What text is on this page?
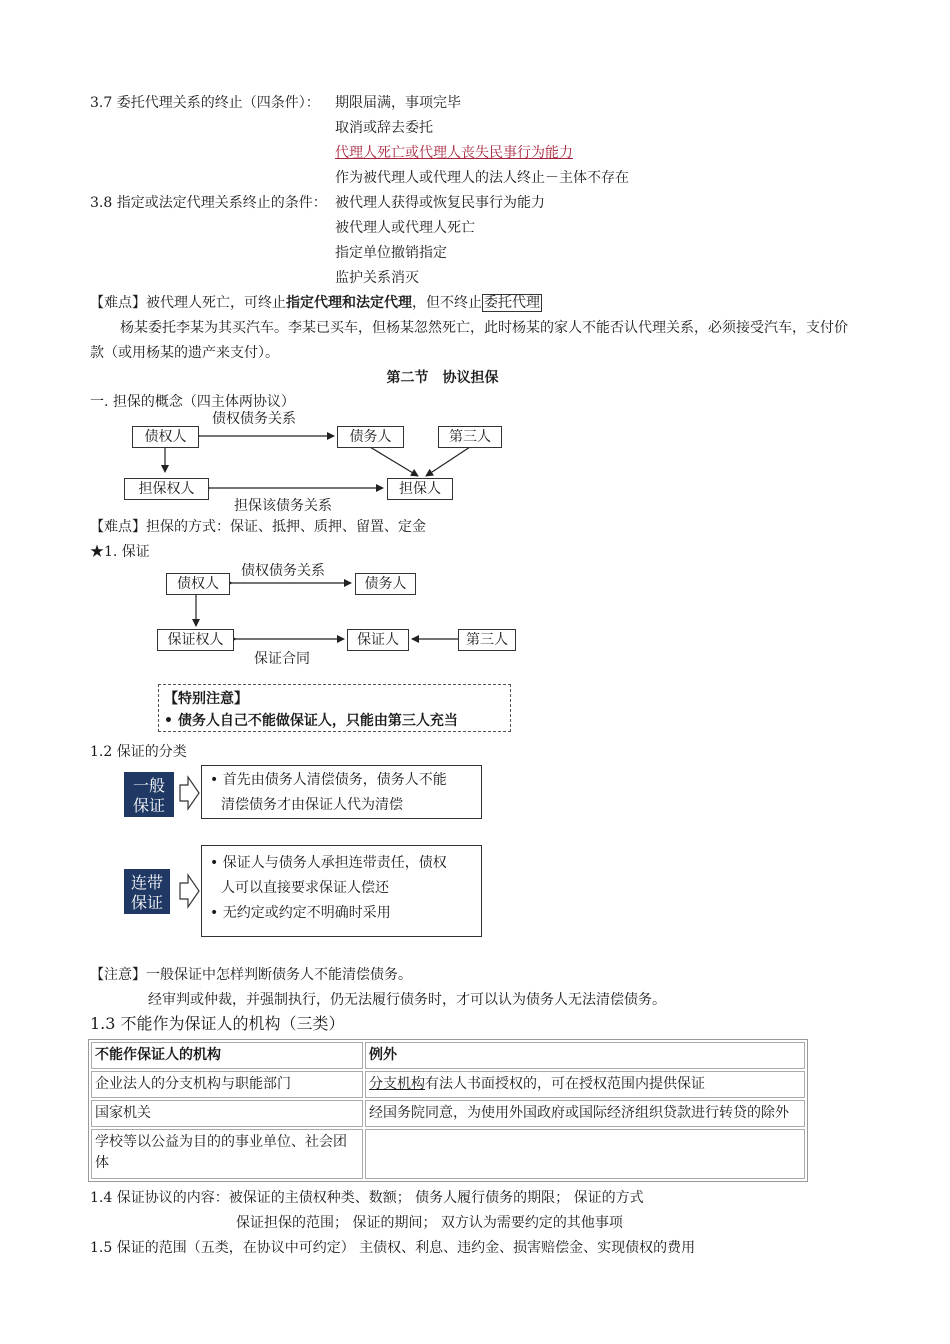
3.7 委托代理关系的终止（四条件）： 期限届满，事项完毕
取消或辞去委托
代理人死亡或代理人丧失民事行为能力
作为被代理人或代理人的法人终止－主体不存在
3.8 指定或法定代理关系终止的条件： 被代理人获得或恢复民事行为能力
被代理人或代理人死亡
指定单位撤销指定
监护关系消灭
【难点】被代理人死亡，可终止指定代理和法定代理，但不终止 委托代理
杨某委托李某为其买汽车。李某已买车，但杨某忽然死亡，此时杨某的家人不能否认代理关系，必须接受汽车，支付价
款（或用杨某的遗产来支付）。
第二节　协议担保
一. 担保的概念（四主体两协议）
债权人	债务人	第三人
担保权人	担保人
债权债务关系
担保该债务关系
【难点】担保的方式：保证、抵押、质押、留置、定金
★1. 保证
债权人	债务人
债权债务关系
保证权人	保证人	第三人
保证合同
【特别注意】
• 债务人自己不能做保证人，只能由第三人充当
1.2 保证的分类
一般
保证
• 首先由债务人清偿债务，债务人不能
清偿债务才由保证人代为清偿
连带
保证
• 保证人与债务人承担连带责任，债权
人可以直接要求保证人偿还
• 无约定或约定不明确时采用
【注意】一般保证中怎样判断债务人不能清偿债务。
经审判或仲裁，并强制执行，仍无法履行债务时，才可以认为债务人无法清偿债务。
1.3 不能作为保证人的机构（三类）
不能作保证人的机构	例外
企业法人的分支机构与职能部门	分支机构有法人书面授权的，可在授权范围内提供保证
国家机关	经国务院同意，为使用外国政府或国际经济组织贷款进行转贷的除外

学校等以公益为目的的事业单位、社会团
体	

1.4 保证协议的内容：被保证的主债权种类、数额； 债务人履行债务的期限； 保证的方式
保证担保的范围； 保证的期间； 双方认为需要约定的其他事项
1.5 保证的范围（五类，在协议中可约定） 主债权、利息、违约金、损害赔偿金、实现债权的费用
